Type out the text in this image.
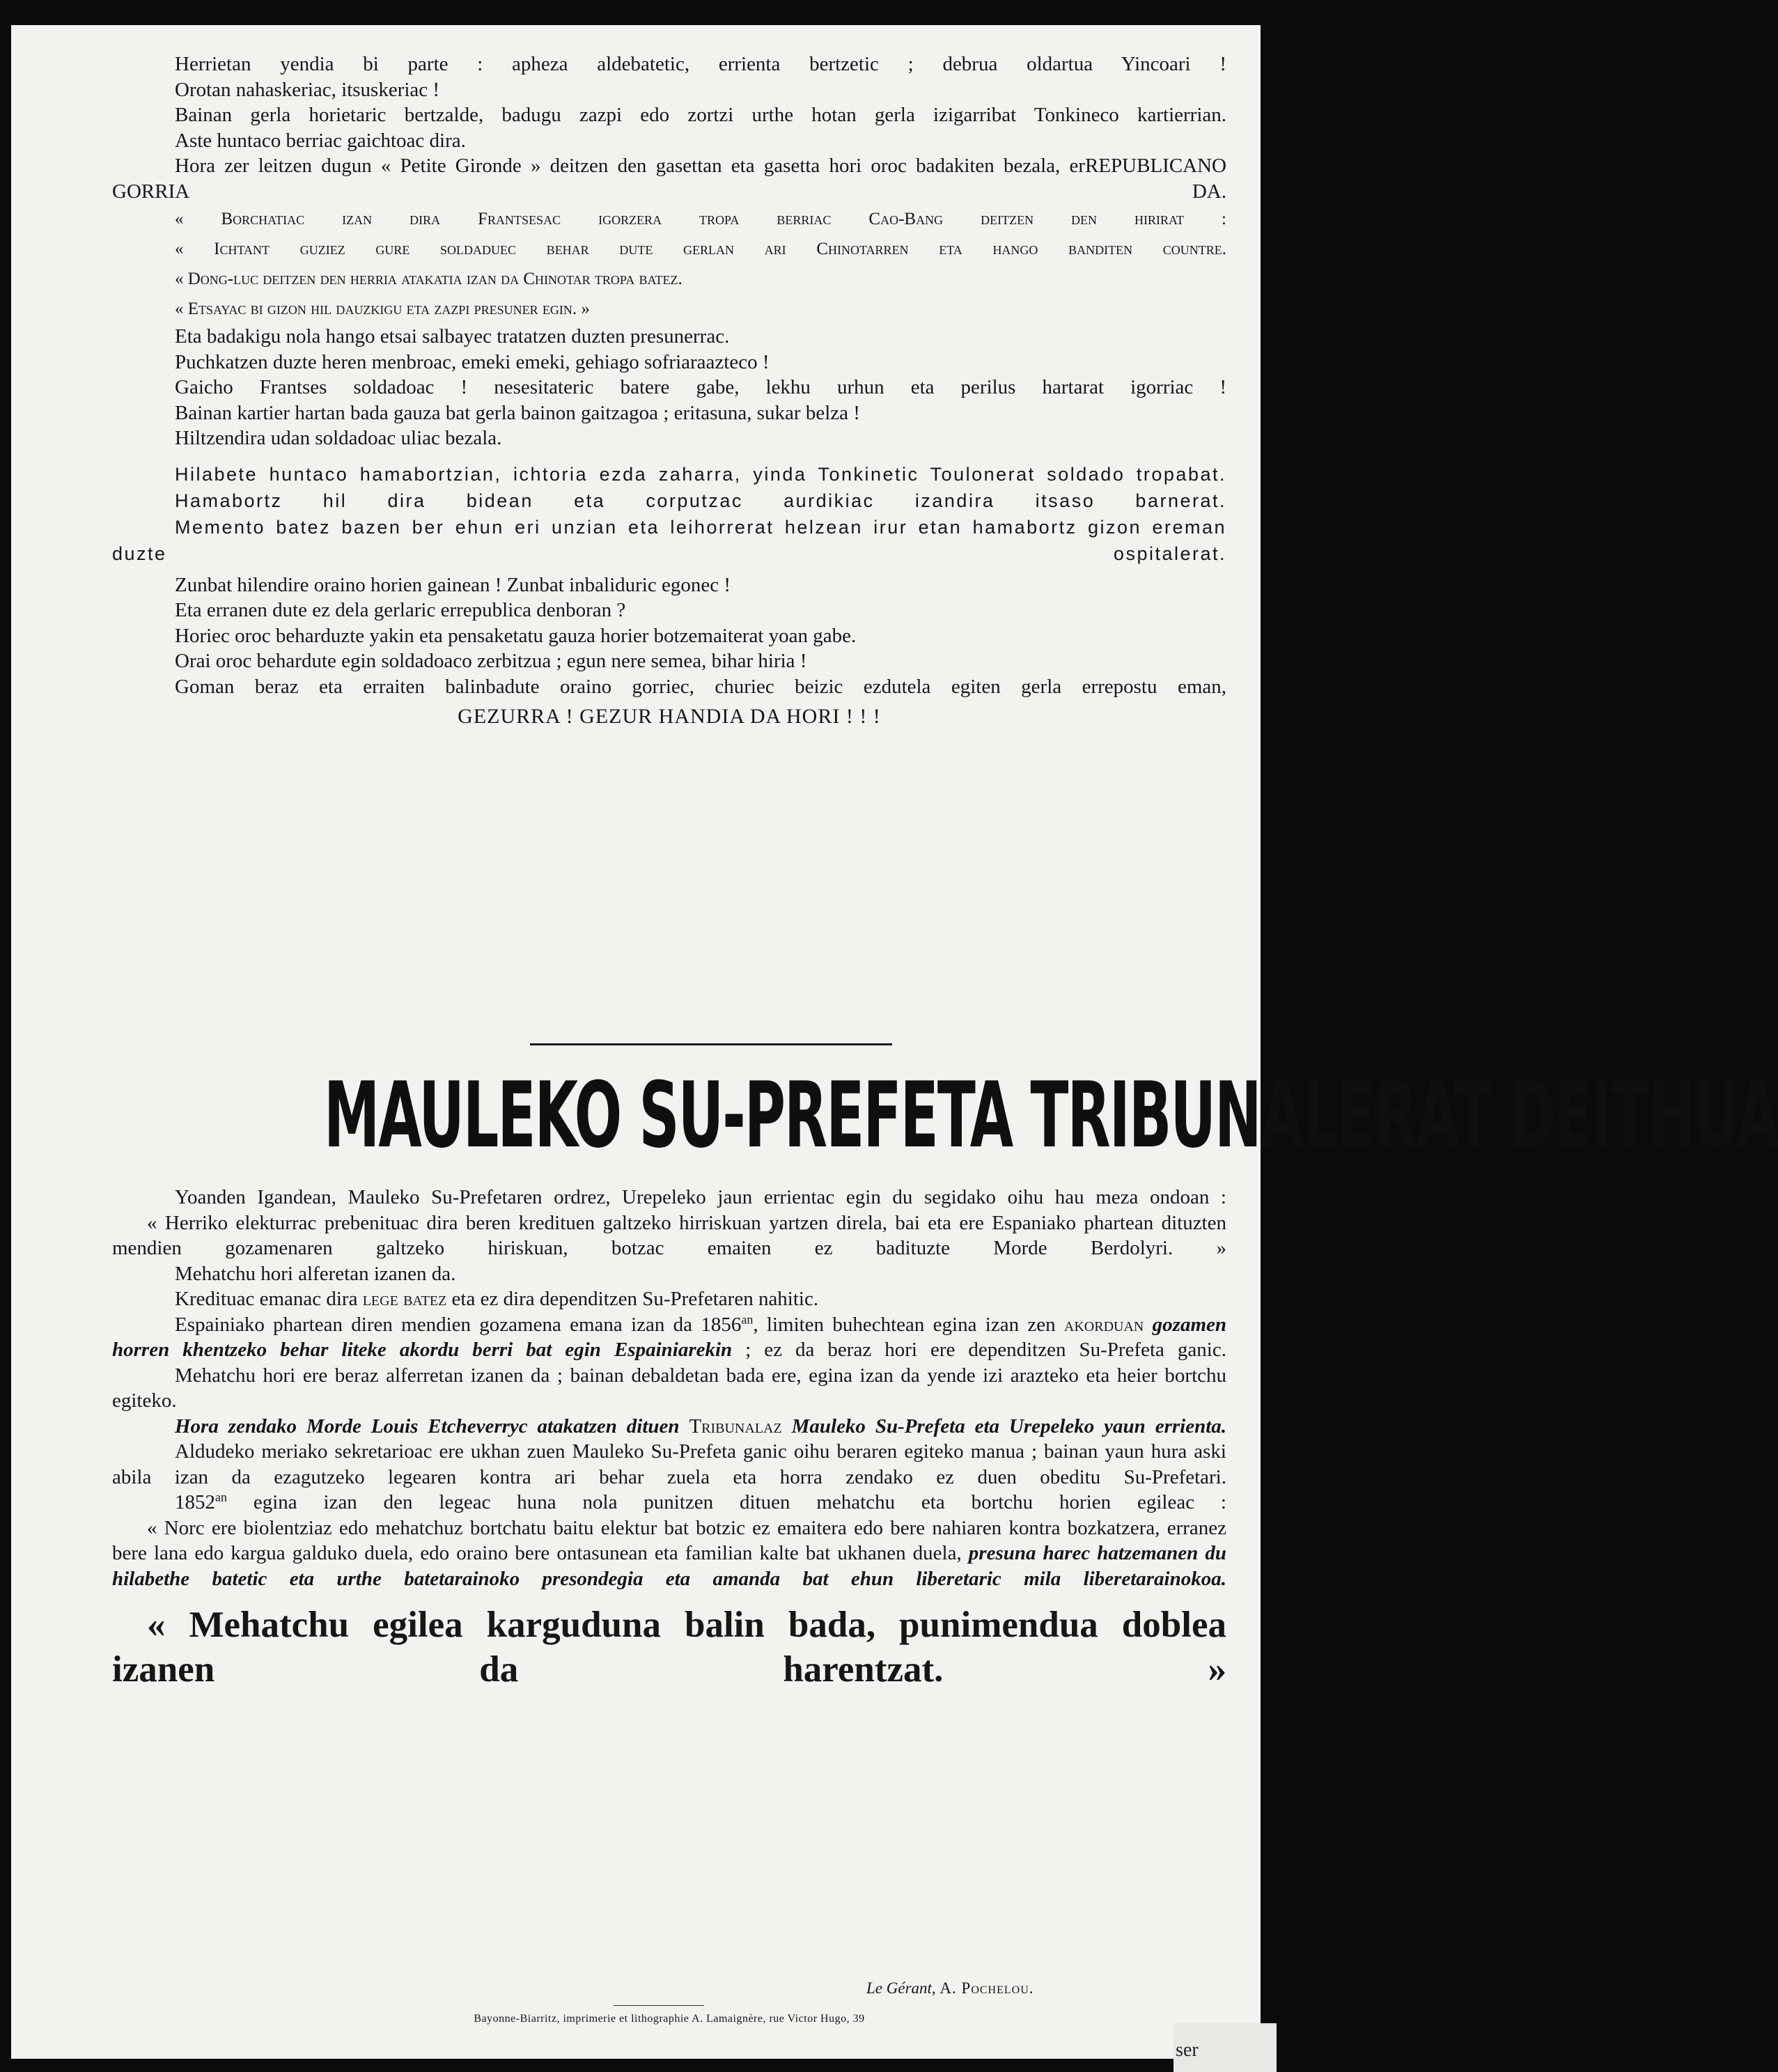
Herrietan yendia bi parte : apheza aldebatetic, errienta bertzetic ; debrua oldartua Yincoari !

Orotan nahaskeriac, itsuskeriac !

Bainan gerla horietaric bertzalde, badugu zazpi edo zortzi urthe hotan gerla izigarribat Tonkineco kartierrian.

Aste huntaco berriac gaichtoac dira.

Hora zer leitzen dugun « Petite Gironde » deitzen den gasettan eta gasetta hori oroc badakiten bezala, erREPUBLICANO GORRIA DA.

« Borchatiac izan dira Frantsesac igorzera tropa berriac Cao-Bang deitzen den hirirat :

« Ichtant guziez gure soldaduec behar dute gerlan ari Chinotarren eta hango banditen countre.

« Dong-luc deitzen den herria atakatia izan da Chinotar tropa batez.

« Etsayac bi gizon hil dauzkigu eta zazpi presuner egin. »

Eta badakigu nola hango etsai salbayec tratatzen duzten presunerrac.

Puchkatzen duzte heren menbroac, emeki emeki, gehiago sofriaraazteco !

Gaicho Frantses soldadoac ! nesesitateric batere gabe, lekhu urhun eta perilus hartarat igorriac !

Bainan kartier hartan bada gauza bat gerla bainon gaitzagoa ; eritasuna, sukar belza !

Hiltzendira udan soldadoac uliac bezala.

Hilabete huntaco hamabortzian, ichtoria ezda zaharra, yinda Tonkinetic Toulonerat soldado tropabat.

Hamabortz hil dira bidean eta corputzac aurdikiac izandira itsaso barnerat.

Memento batez bazen ber ehun eri unzian eta leihorrerat helzean irur etan hamabortz gizon ereman duzte ospitalerat.

Zunbat hilendire oraino horien gainean ! Zunbat inbaliduric egonec !

Eta erranen dute ez dela gerlaric errepublica denboran ?

Horiec oroc beharduzte yakin eta pensaketatu gauza horier botzemaiterat yoan gabe.

Orai oroc behardute egin soldadoaco zerbitzua ; egun nere semea, bihar hiria !

Goman beraz eta erraiten balinbadute oraino gorriec, churiec beizic ezdutela egiten gerla errepostu eman,

GEZURRA ! GEZUR HANDIA DA HORI ! ! !

MAULEKO SU-PREFETA TRIBUNALERAT DEITHUA

Yoanden Igandean, Mauleko Su-Prefetaren ordrez, Urepeleko jaun errientac egin du segidako oihu hau meza ondoan :

« Herriko elekturrac prebenituac dira beren kredituen galtzeko hirriskuan yartzen direla, bai eta ere Espaniako phartean dituzten mendien gozamenaren galtzeko hiriskuan, botzac emaiten ez badituzte Morde Berdolyri. »

Mehatchu hori alferetan izanen da.

Kredituac emanac dira lege batez eta ez dira dependitzen Su-Prefetaren nahitic.

Espainiako phartean diren mendien gozamena emana izan da $1856^{an}$, limiten buhechtean egina izan zen akorduan gozamen horren khentzeko behar liteke akordu berri bat egin Espainiarekin ; ez da beraz hori ere dependitzen Su-Prefeta ganic.

Mehatchu hori ere beraz alferretan izanen da ; bainan debaldetan bada ere, egina izan da yende izi arazteko eta heier bortchu egiteko.

Hora zendako Morde Louis Etcheverryc atakatzen dituen Tribunalaz Mauleko Su-Prefeta eta Urepeleko yaun errienta.

Aldudeko meriako sekretarioac ere ukhan zuen Mauleko Su-Prefeta ganic oihu beraren egiteko manua ; bainan yaun hura aski abila izan da ezagutzeko legearen kontra ari behar zuela eta horra zendako ez duen obeditu Su-Prefetari.

$1852^{an}$ egina izan den legeac huna nola punitzen dituen mehatchu eta bortchu horien egileac :

« Norc ere biolentziaz edo mehatchuz bortchatu baitu elektur bat botzic ez emaitera edo bere nahiaren kontra bozkatzera, erranez bere lana edo kargua galduko duela, edo oraino bere ontasunean eta familian kalte bat ukhanen duela, presuna harec hatzemanen du hilabethe batetic eta urthe batetarainoko presondegia eta amanda bat ehun liberetaric mila liberetarainokoa.

« Mehatchu egilea karguduna balin bada, punimendua doblea izanen da harentzat. »

Le Gérant, A. Pochelou.
Bayonne-Biarritz, imprimerie et lithographie A. Lamaignère, rue Victor Hugo, 39
ser
